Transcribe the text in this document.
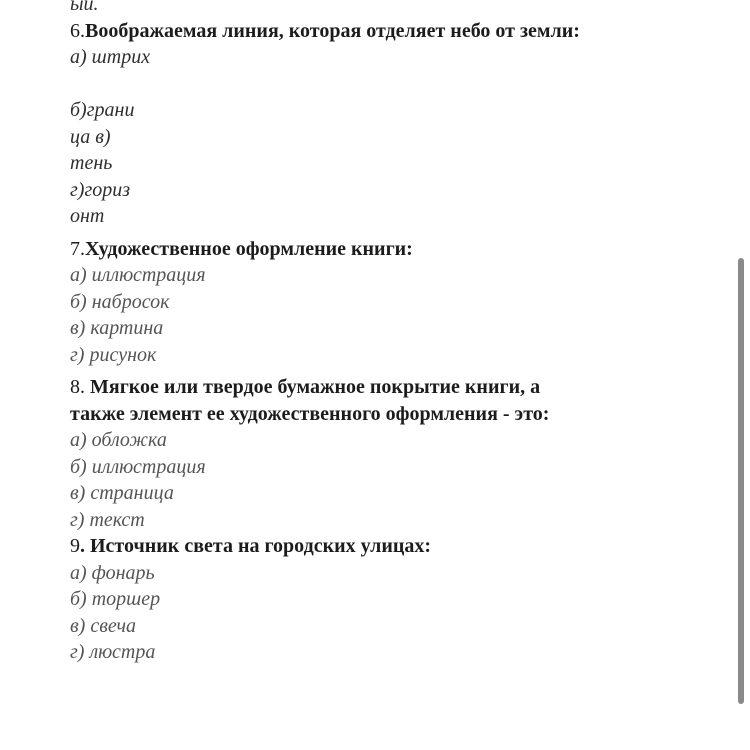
ыи.
6.Воображаемая линия, которая отделяет небо от земли:
а) штрих
б)грани
ца в)
тень
г)гориз
онт
7.Художественное оформление книги:
а) иллюстрация
б) набросок
в) картина
г) рисунок
8. Мягкое или твердое бумажное покрытие книги, а
также элемент ее художественного оформления - это:
а) обложка
б) иллюстрация
в) страница
г) текст
9. Источник света на городских улицах:
а) фонарь
б) торшер
в) свеча
г) люстра
